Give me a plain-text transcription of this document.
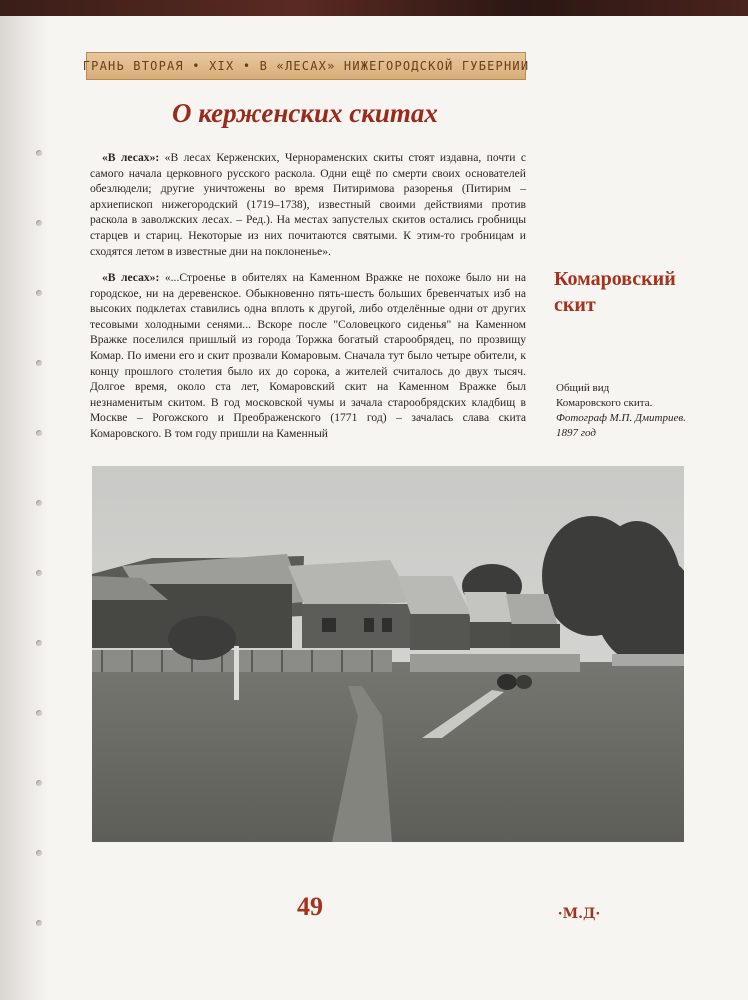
ГРАНЬ ВТОРАЯ • XIX • В «ЛЕСАХ» НИЖЕГОРОДСКОЙ ГУБЕРНИИ
О керженских скитах

«В лесах»: «В лесах Керженских, Чернораменских скиты стоят издавна, почти с самого начала церковного русского раскола. Одни ещё по смерти своих основателей обезлюдели; другие уничтожены во время Питиримова разоренья (Питирим – архиепископ нижегородский (1719–1738), известный своими действиями против раскола в заволжских лесах. – Ред.). На местах запустелых скитов остались гробницы старцев и стариц. Некоторые из них почитаются святыми. К этим-то гробницам и сходятся летом в известные дни на поклоненье».

«В лесах»: «...Строенье в обителях на Каменном Вражке не похоже было ни на городское, ни на деревенское. Обыкновенно пять-шесть больших бревенчатых изб на высоких подклетах ставились одна вплоть к другой, либо отделённые одни от других тесовыми холодными сенями... Вскоре после "Соловецкого сиденья" на Каменном Вражке поселился пришлый из города Торжка богатый старообрядец, по прозвищу Комар. По имени его и скит прозвали Комаровым. Сначала тут было четыре обители, к концу прошлого столетия было их до сорока, а жителей считалось до двух тысяч. Долгое время, около ста лет, Комаровский скит на Каменном Вражке был незнаменитым скитом. В год московской чумы и зачала старообрядских кладбищ в Москве – Рогожского и Преображенского (1771 год) – зачалась слава скита Комаровского. В том году пришли на Каменный

Комаровский
скит
Общий вид
Комаровского скита.
Фотограф М.П. Дмитриев.
1897 год
49	·М.Д·
